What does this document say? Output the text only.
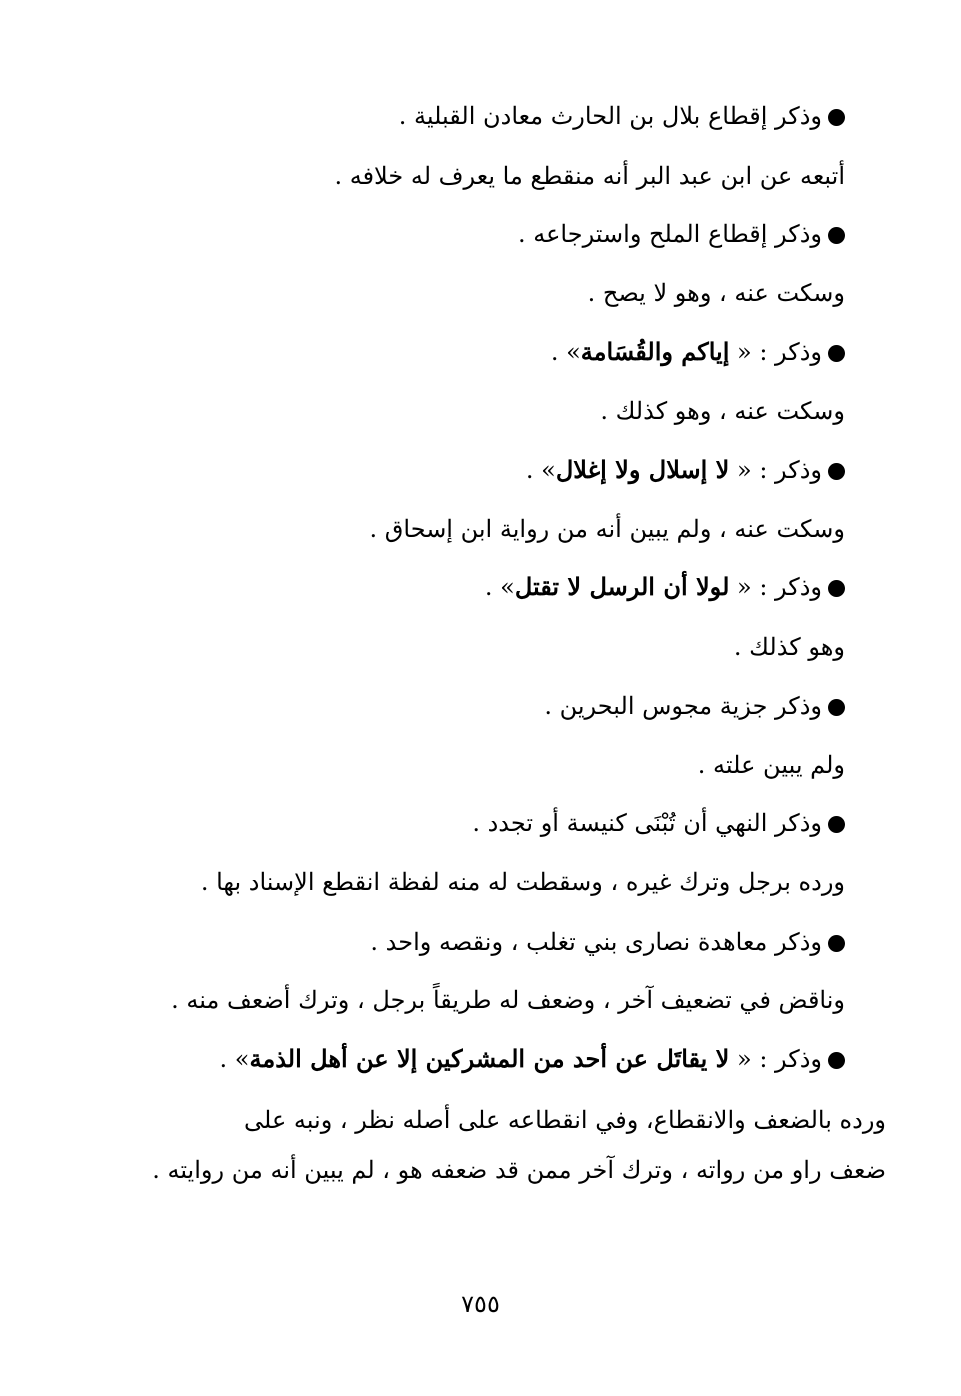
وذكر إقطاع بلال بن الحارث معادن القبلية .
أتبعه عن ابن عبد البر أنه منقطع ما يعرف له خلافه .
وذكر إقطاع الملح واسترجاعه .
وسكت عنه ، وهو لا يصح .
وذكر : « إياكم والقُسَامة» .
وسكت عنه ، وهو كذلك .
وذكر : « لا إسلال ولا إغلال» .
وسكت عنه ، ولم يبين أنه من رواية ابن إسحاق .
وذكر : « لولا أن الرسل لا تقتل» .
وهو كذلك .
وذكر جزية مجوس البحرين .
ولم يبين علته .
وذكر النهي أن تُبْنَى كنيسة أو تجدد .
ورده برجل وترك غيره ، وسقطت له منه لفظة انقطع الإسناد بها .
وذكر معاهدة نصارى بني تغلب ، ونقصه واحد .
وناقض في تضعيف آخر ، وضعف له طريقاً برجل ، وترك أضعف منه .
وذكر : « لا يقاتَل عن أحد من المشركين إلا عن أهل الذمة» .
ورده بالضعف والانقطاع، وفي انقطاعه على أصله نظر ، ونبه على
ضعف راو من رواته ، وترك آخر ممن قد ضعفه هو ، لم يبين أنه من روايته .
٧٥٥
